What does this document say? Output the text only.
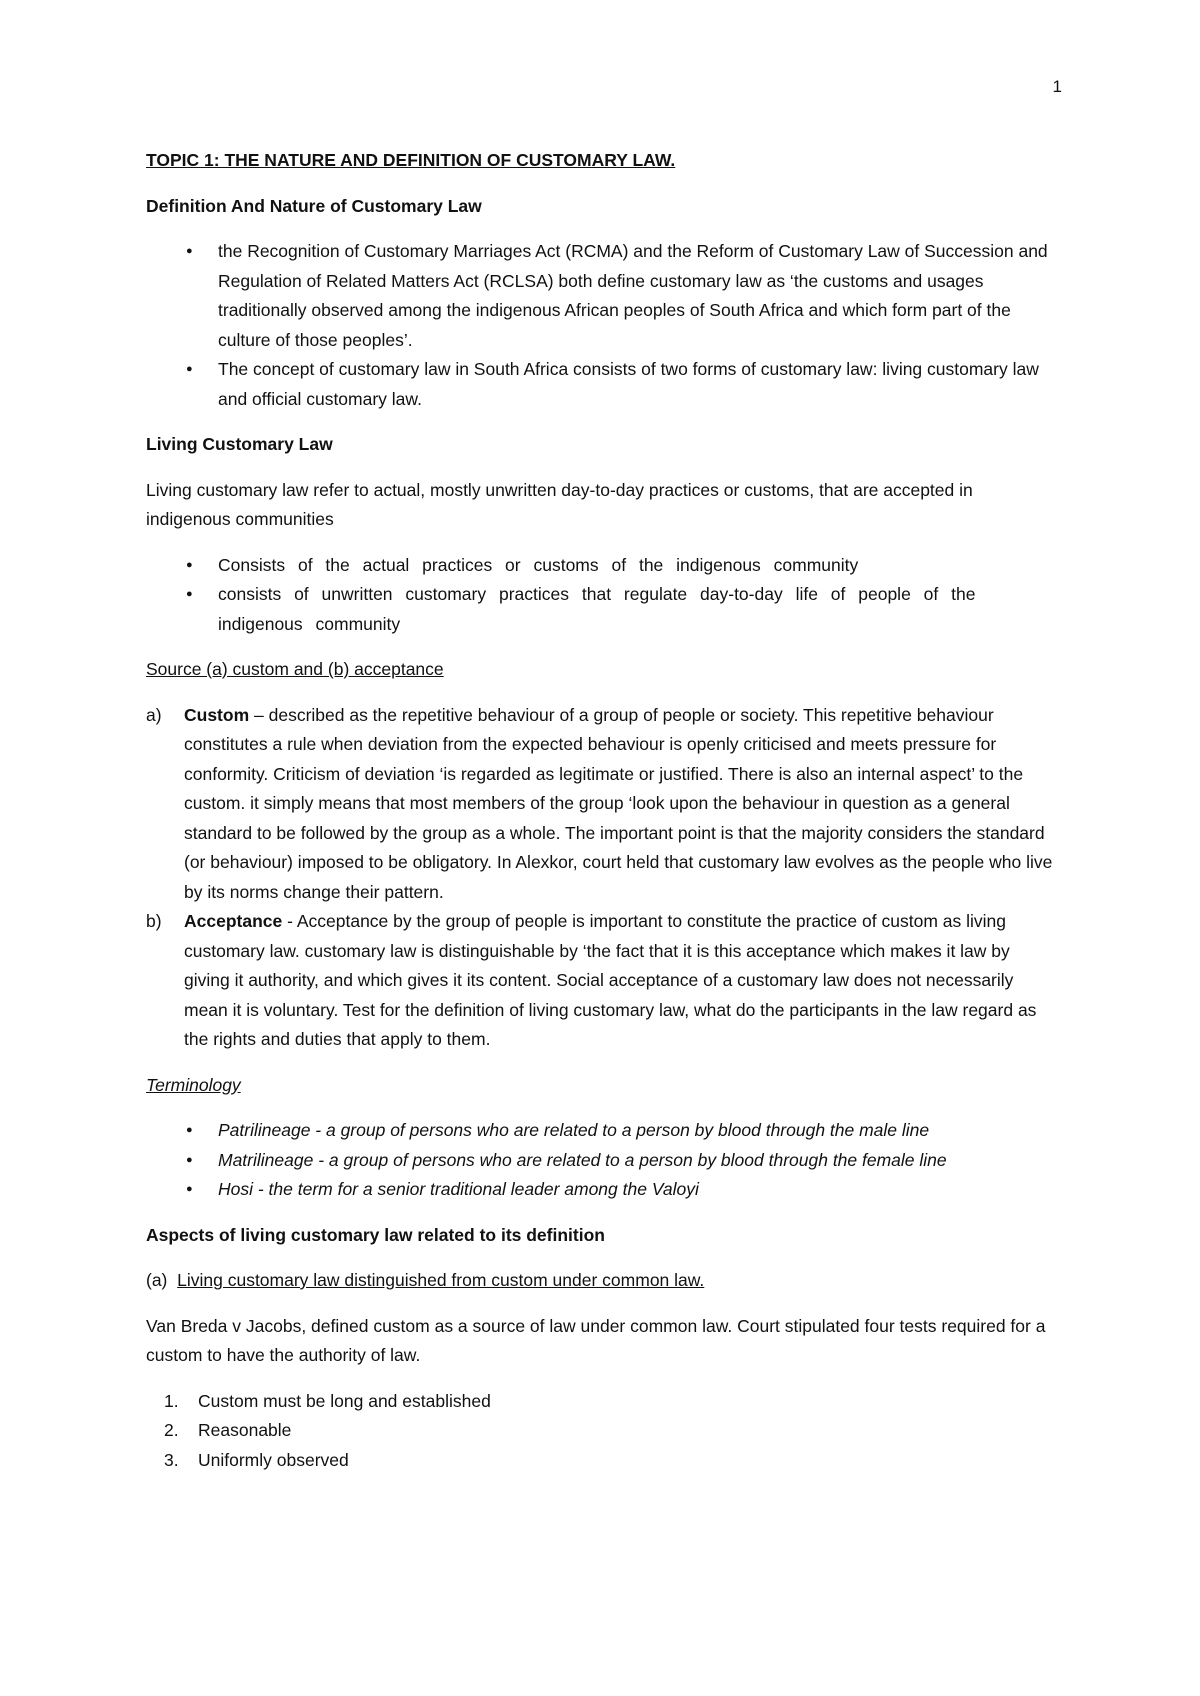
1

TOPIC 1: THE NATURE AND DEFINITION OF CUSTOMARY LAW.

Definition And Nature of Customary Law

● the Recognition of Customary Marriages Act (RCMA) and the Reform of Customary Law of Succession and Regulation of Related Matters Act (RCLSA) both define customary law as ‘the customs and usages traditionally observed among the indigenous African peoples of South Africa and which form part of the culture of those peoples’.
● The concept of customary law in South Africa consists of two forms of customary law: living customary law and official customary law.

Living Customary Law

Living customary law refer to actual, mostly unwritten day-to-day practices or customs, that are accepted in indigenous communities

● Consists of the actual practices or customs of the indigenous community
● consists of unwritten customary practices that regulate day-to-day life of people of the indigenous community

Source (a) custom and (b) acceptance

a) Custom – described as the repetitive behaviour of a group of people or society. This repetitive behaviour constitutes a rule when deviation from the expected behaviour is openly criticised and meets pressure for conformity. Criticism of deviation ‘is regarded as legitimate or justified. There is also an internal aspect’ to the custom. it simply means that most members of the group ‘look upon the behaviour in question as a general standard to be followed by the group as a whole. The important point is that the majority considers the standard (or behaviour) imposed to be obligatory. In Alexkor, court held that customary law evolves as the people who live by its norms change their pattern.
b) Acceptance - Acceptance by the group of people is important to constitute the practice of custom as living customary law. customary law is distinguishable by ‘the fact that it is this acceptance which makes it law by giving it authority, and which gives it its content. Social acceptance of a customary law does not necessarily mean it is voluntary. Test for the definition of living customary law, what do the participants in the law regard as the rights and duties that apply to them.

Terminology

● Patrilineage - a group of persons who are related to a person by blood through the male line
● Matrilineage - a group of persons who are related to a person by blood through the female line
● Hosi - the term for a senior traditional leader among the Valoyi

Aspects of living customary law related to its definition

(a) Living customary law distinguished from custom under common law.

Van Breda v Jacobs, defined custom as a source of law under common law. Court stipulated four tests required for a custom to have the authority of law.

1. Custom must be long and established
2. Reasonable
3. Uniformly observed
